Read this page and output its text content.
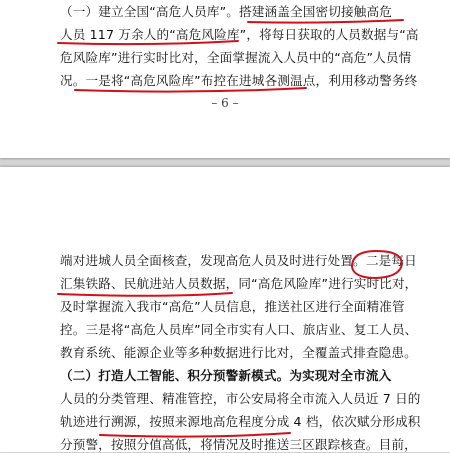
（一）建立全国“高危人员库”。搭建涵盖全国密切接触高危
人员 117 万余人的“高危风险库”，将每日获取的人员数据与“高
危风险库”进行实时比对，全面掌握流入人员中的“高危”人员情
况。一是将“高危风险库”布控在进城各测温点，利用移动警务终
– 6 –
端对进城人员全面核查，发现高危人员及时进行处置。二是每日
汇集铁路、民航进站人员数据，同“高危风险库”进行实时比对，
及时掌握流入我市“高危”人员信息，推送社区进行全面精准管
控。三是将“高危人员库”同全市实有人口、旅店业、复工人员、
教育系统、能源企业等多种数据进行比对，全覆盖式排查隐患。
（二）打造人工智能、积分预警新模式。为实现对全市流入
人员的分类管理、精准管控，市公安局将全市流入人员近 7 日的
轨迹进行溯源，按照来源地高危程度分成 4 档，依次赋分形成积
分预警，按照分值高低，将情况及时推送三区跟踪核查。目前，
